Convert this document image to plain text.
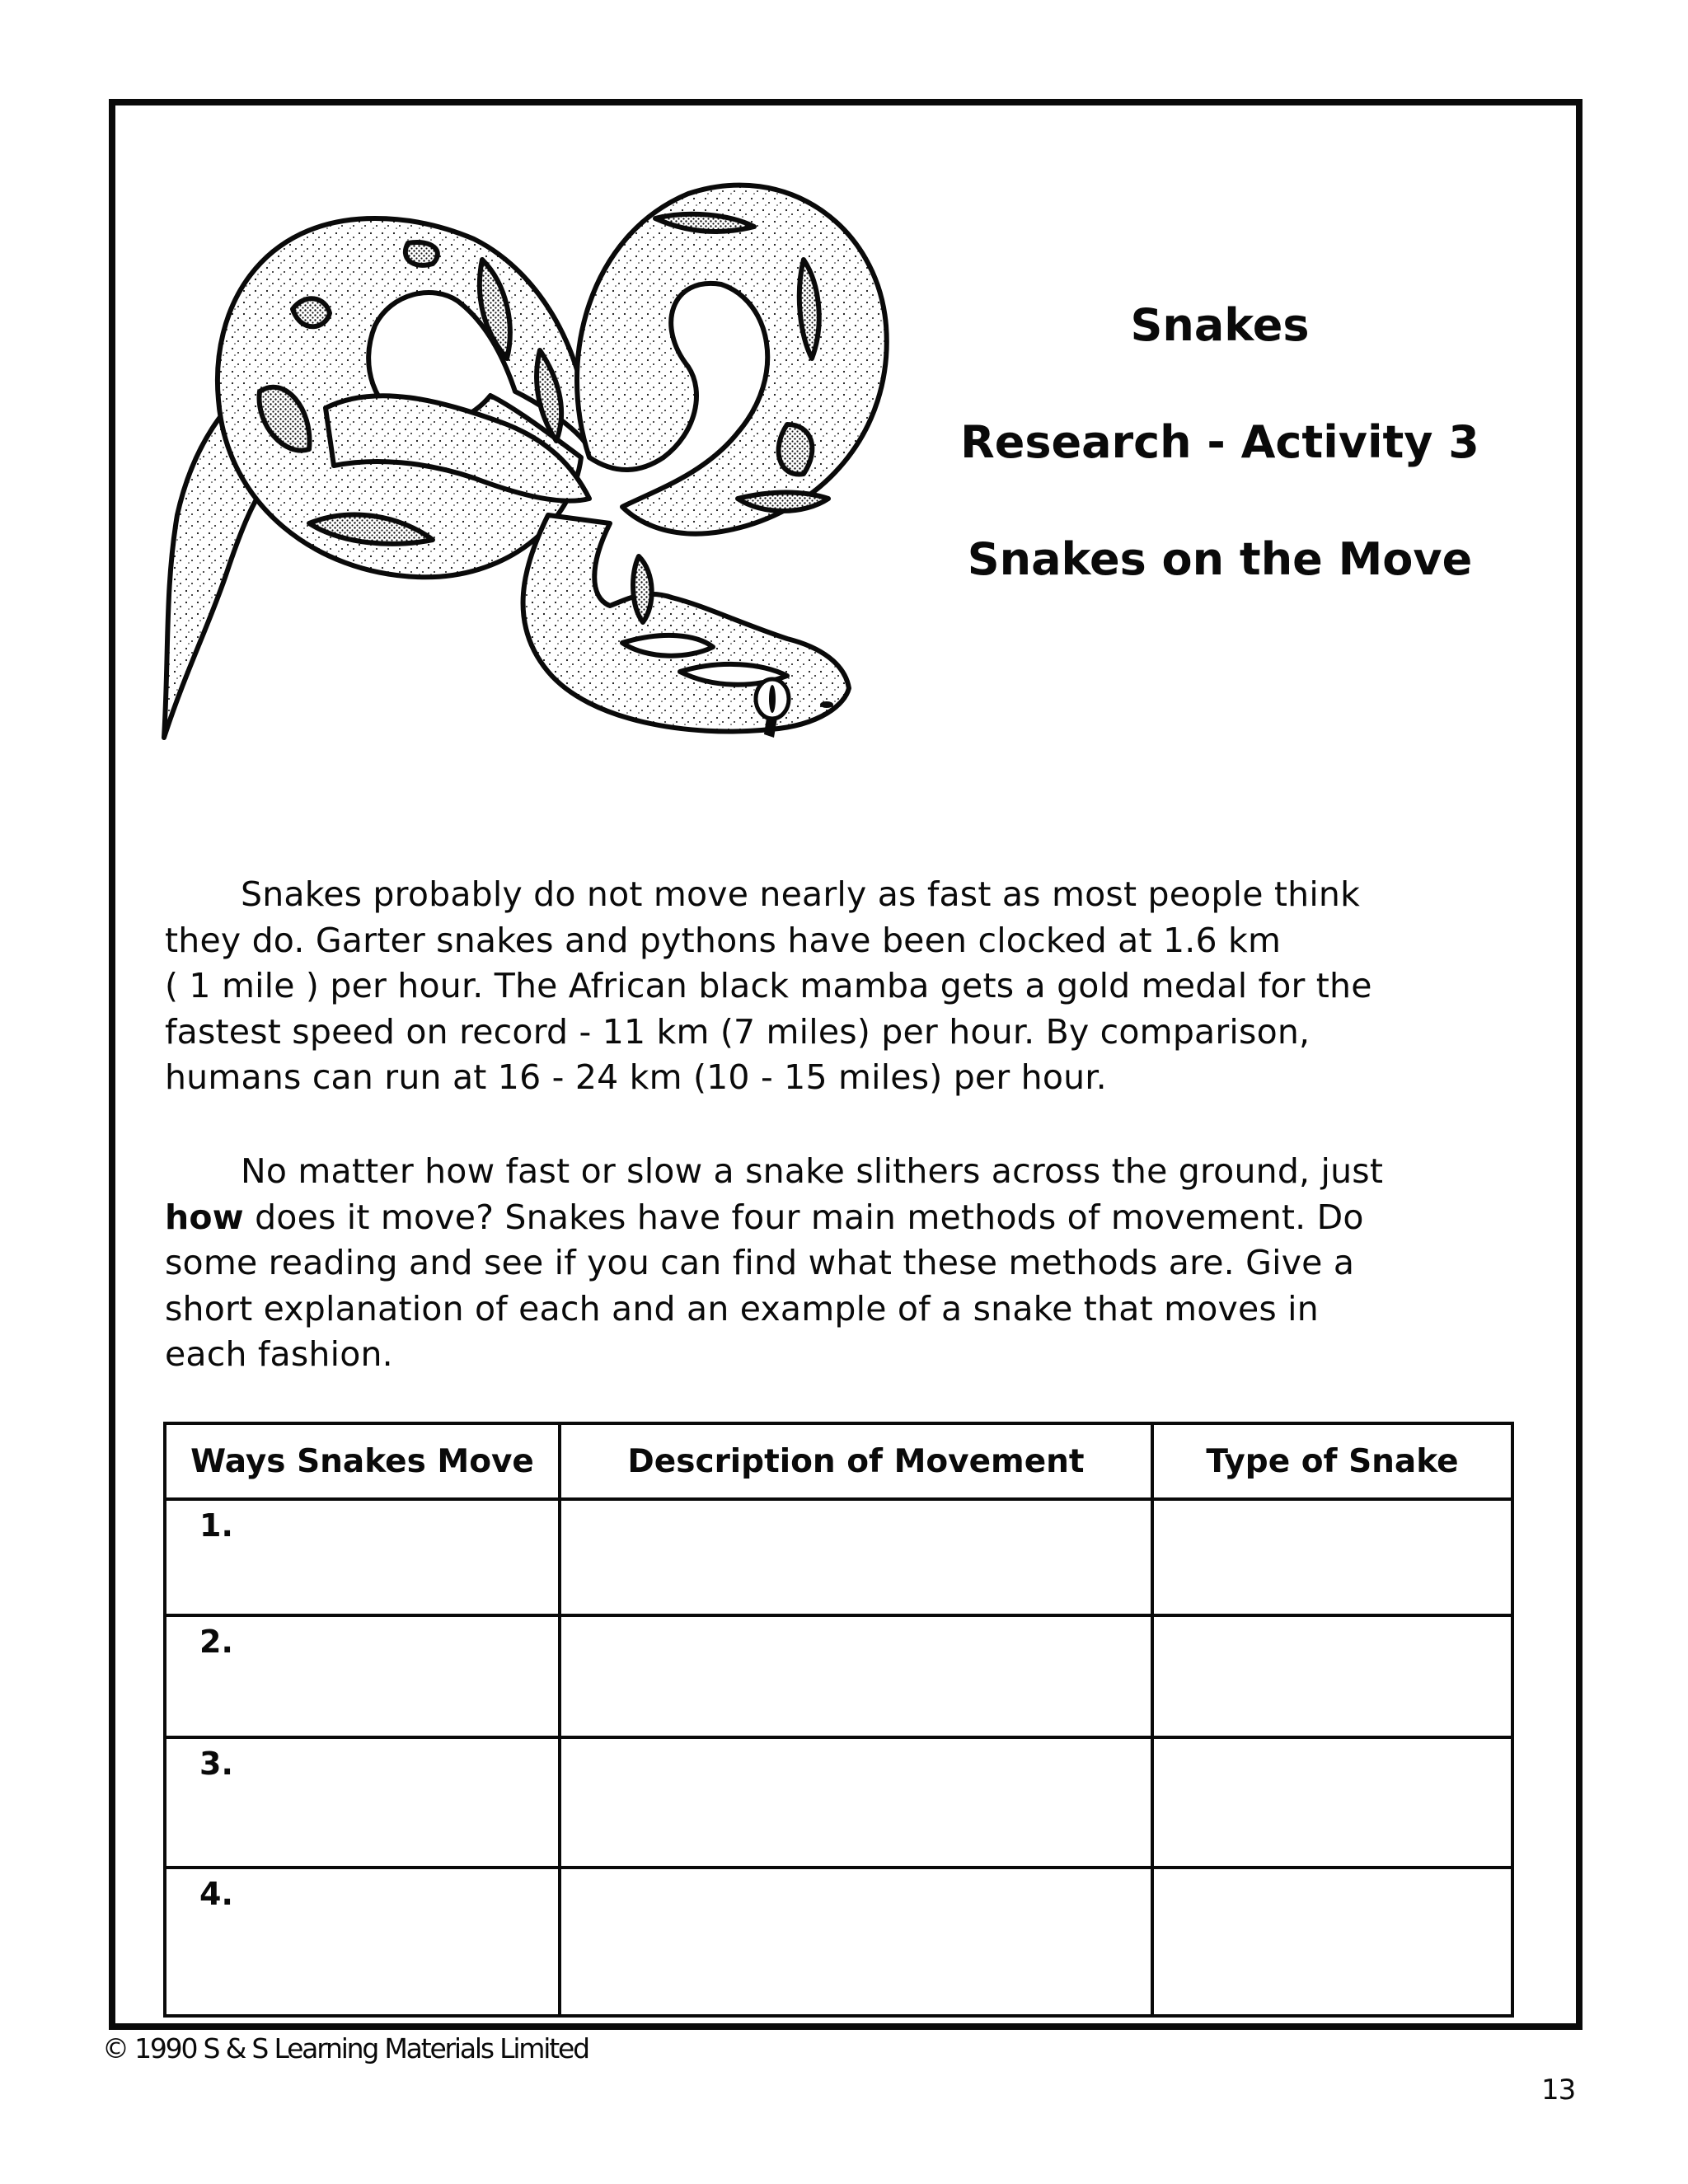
Snakes
Research - Activity 3
Snakes on the Move
Snakes probably do not move nearly as fast as most people think
they do. Garter snakes and pythons have been clocked at 1.6 km
( 1 mile ) per hour. The African black mamba gets a gold medal for the
fastest speed on record - 11 km (7 miles) per hour. By comparison,
humans can run at 16 - 24 km (10 - 15 miles) per hour.
No matter how fast or slow a snake slithers across the ground, just
how does it move? Snakes have four main methods of movement. Do
some reading and see if you can find what these methods are. Give a
short explanation of each and an example of a snake that moves in
each fashion.
Ways Snakes Move	Description of Movement	Type of Snake
1.		
2.		
3.		
4.		
© 1990 S & S Learning Materials Limited
13
